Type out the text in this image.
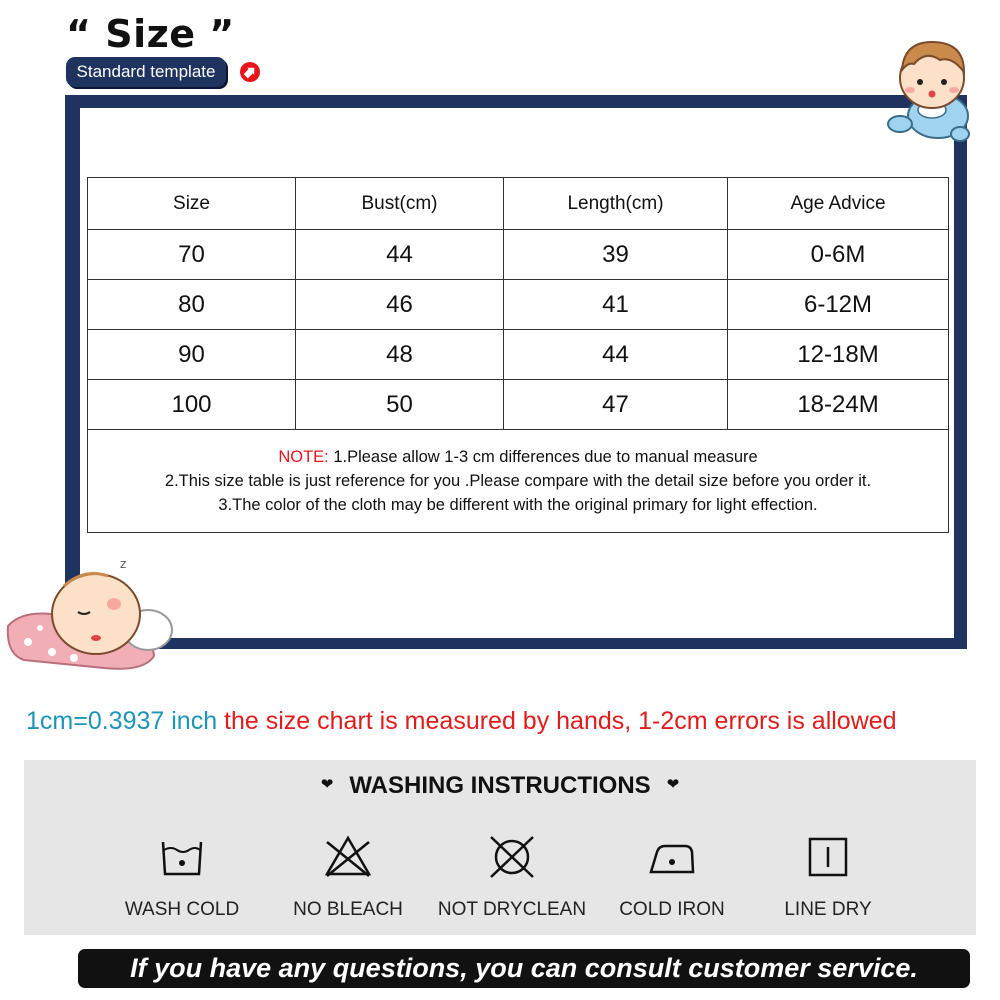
“ Size ”
Standard template
z
Size	Bust(cm)	Length(cm)	Age Advice
70	44	39	0-6M
80	46	41	6-12M
90	48	44	12-18M
100	50	47	18-24M

NOTE: 1.Please allow 1-3 cm differences due to manual measure
2.This size table is just reference for you .Please compare with the detail size before you order it.
3.The color of the cloth may be different with the original primary for light effection.			
1cm=0.3937 inch the size chart is measured by hands, 1-2cm errors is allowed
❤ WASHING INSTRUCTIONS ❤
WASH COLD	NO BLEACH	NOT DRYCLEAN	COLD IRON	LINE DRY
If you have any questions, you can consult customer service.
